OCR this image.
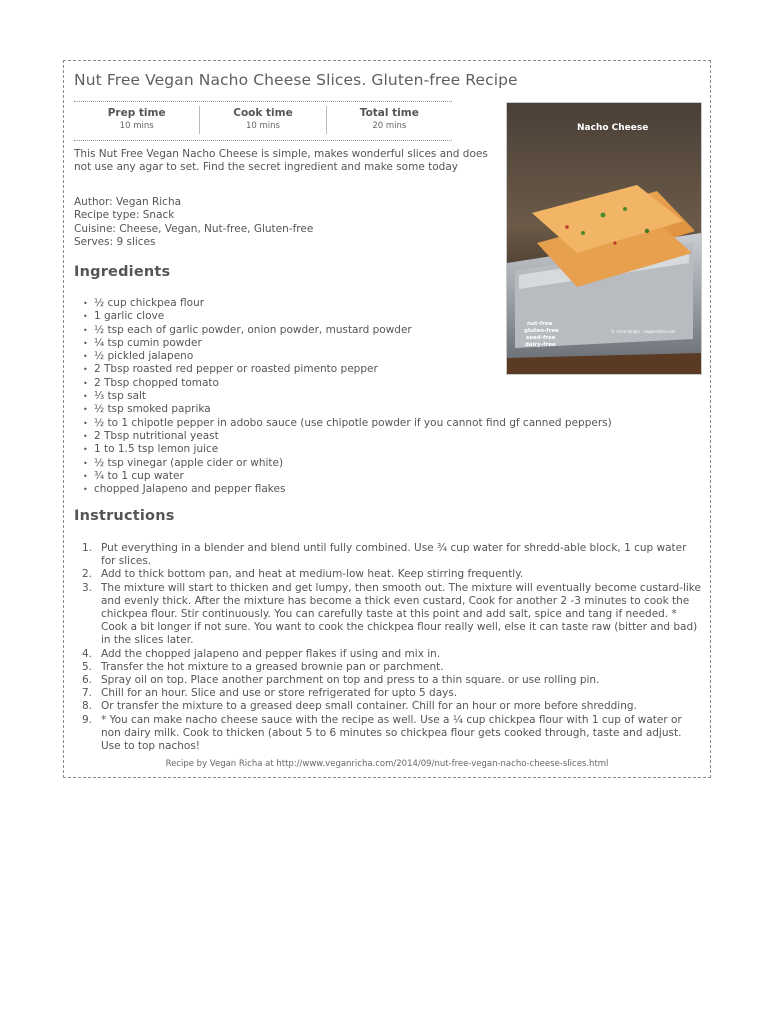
Nut Free Vegan Nacho Cheese Slices. Gluten-free Recipe
Prep time
10 mins
Cook time
10 mins
Total time
20 mins

This Nut Free Vegan Nacho Cheese is simple, makes wonderful slices and does not use any agar to set. Find the secret ingredient and make some today

Author: Vegan Richa
Recipe type: Snack
Cuisine: Cheese, Vegan, Nut-free, Gluten-free
Serves: 9 slices
Nacho Cheese
nut-free
gluten-free
seed-free
dairy-free
© richa hingle · veganricha.com
Ingredients
• ½ cup chickpea flour
• 1 garlic clove
• ½ tsp each of garlic powder, onion powder, mustard powder
• ¼ tsp cumin powder
• ½ pickled jalapeno
• 2 Tbsp roasted red pepper or roasted pimento pepper
• 2 Tbsp chopped tomato
• ⅓ tsp salt
• ½ tsp smoked paprika
• ½ to 1 chipotle pepper in adobo sauce (use chipotle powder if you cannot find gf canned peppers)
• 2 Tbsp nutritional yeast
• 1 to 1.5 tsp lemon juice
• ½ tsp vinegar (apple cider or white)
• ¾ to 1 cup water
• chopped Jalapeno and pepper flakes
Instructions
1. Put everything in a blender and blend until fully combined. Use ¾ cup water for shredd-able block, 1 cup water for slices.
2. Add to thick bottom pan, and heat at medium-low heat. Keep stirring frequently.
3. The mixture will start to thicken and get lumpy, then smooth out. The mixture will eventually become custard-like and evenly thick. After the mixture has become a thick even custard, Cook for another 2 -3 minutes to cook the chickpea flour. Stir continuously. You can carefully taste at this point and add salt, spice and tang if needed. * Cook a bit longer if not sure. You want to cook the chickpea flour really well, else it can taste raw (bitter and bad) in the slices later.
4. Add the chopped jalapeno and pepper flakes if using and mix in.
5. Transfer the hot mixture to a greased brownie pan or parchment.
6. Spray oil on top. Place another parchment on top and press to a thin square. or use rolling pin.
7. Chill for an hour. Slice and use or store refrigerated for upto 5 days.
8. Or transfer the mixture to a greased deep small container. Chill for an hour or more before shredding.
9. * You can make nacho cheese sauce with the recipe as well. Use a ¼ cup chickpea flour with 1 cup of water or non dairy milk. Cook to thicken (about 5 to 6 minutes so chickpea flour gets cooked through, taste and adjust. Use to top nachos!
Recipe by Vegan Richa at http://www.veganricha.com/2014/09/nut-free-vegan-nacho-cheese-slices.html
